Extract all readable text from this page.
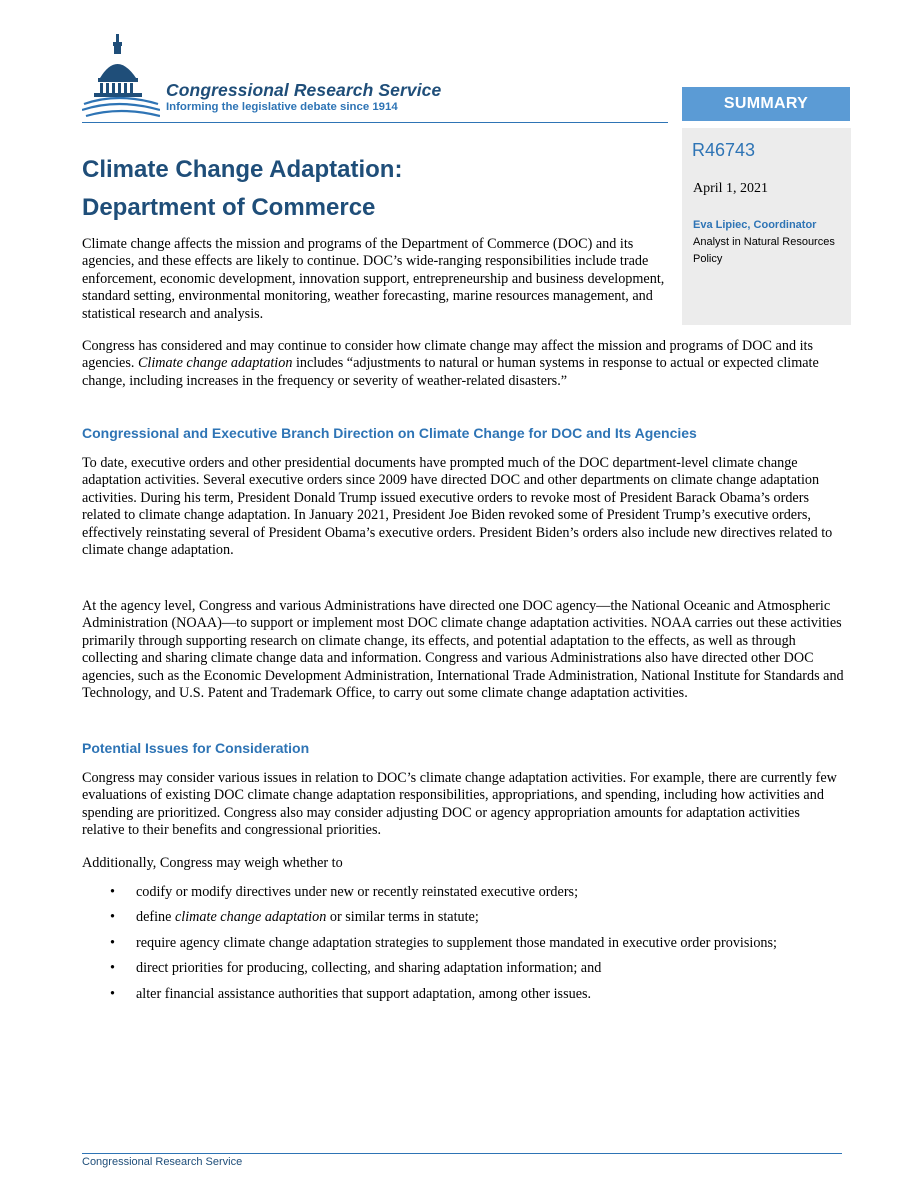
Congressional Research Service
Informing the legislative debate since 1914	SUMMARY
R46743
April 1, 2021
Eva Lipiec, Coordinator
Analyst in Natural Resources Policy
Climate Change Adaptation:
Department of Commerce
Climate change affects the mission and programs of the Department of Commerce (DOC) and its agencies, and these effects are likely to continue. DOC’s wide-ranging responsibilities include trade enforcement, economic development, innovation support, entrepreneurship and business development, standard setting, environmental monitoring, weather forecasting, marine resources management, and statistical research and analysis.
Congress has considered and may continue to consider how climate change may affect the mission and programs of DOC and its agencies. Climate change adaptation includes “adjustments to natural or human systems in response to actual or expected climate change, including increases in the frequency or severity of weather-related disasters.”
Congressional and Executive Branch Direction on Climate Change for DOC and Its Agencies
To date, executive orders and other presidential documents have prompted much of the DOC department-level climate change adaptation activities. Several executive orders since 2009 have directed DOC and other departments on climate change adaptation activities. During his term, President Donald Trump issued executive orders to revoke most of President Barack Obama’s orders related to climate change adaptation. In January 2021, President Joe Biden revoked some of President Trump’s executive orders, effectively reinstating several of President Obama’s executive orders. President Biden’s orders also include new directives related to climate change adaptation.
At the agency level, Congress and various Administrations have directed one DOC agency—the National Oceanic and Atmospheric Administration (NOAA)—to support or implement most DOC climate change adaptation activities. NOAA carries out these activities primarily through supporting research on climate change, its effects, and potential adaptation to the effects, as well as through collecting and sharing climate change data and information. Congress and various Administrations also have directed other DOC agencies, such as the Economic Development Administration, International Trade Administration, National Institute for Standards and Technology, and U.S. Patent and Trademark Office, to carry out some climate change adaptation activities.
Potential Issues for Consideration
Congress may consider various issues in relation to DOC’s climate change adaptation activities. For example, there are currently few evaluations of existing DOC climate change adaptation responsibilities, appropriations, and spending, including how activities and spending are prioritized. Congress also may consider adjusting DOC or agency appropriation amounts for adaptation activities relative to their benefits and congressional priorities.
Additionally, Congress may weigh whether to
• codify or modify directives under new or recently reinstated executive orders;
• define climate change adaptation or similar terms in statute;
• require agency climate change adaptation strategies to supplement those mandated in executive order provisions;
• direct priorities for producing, collecting, and sharing adaptation information; and
• alter financial assistance authorities that support adaptation, among other issues.
Congressional Research Service
